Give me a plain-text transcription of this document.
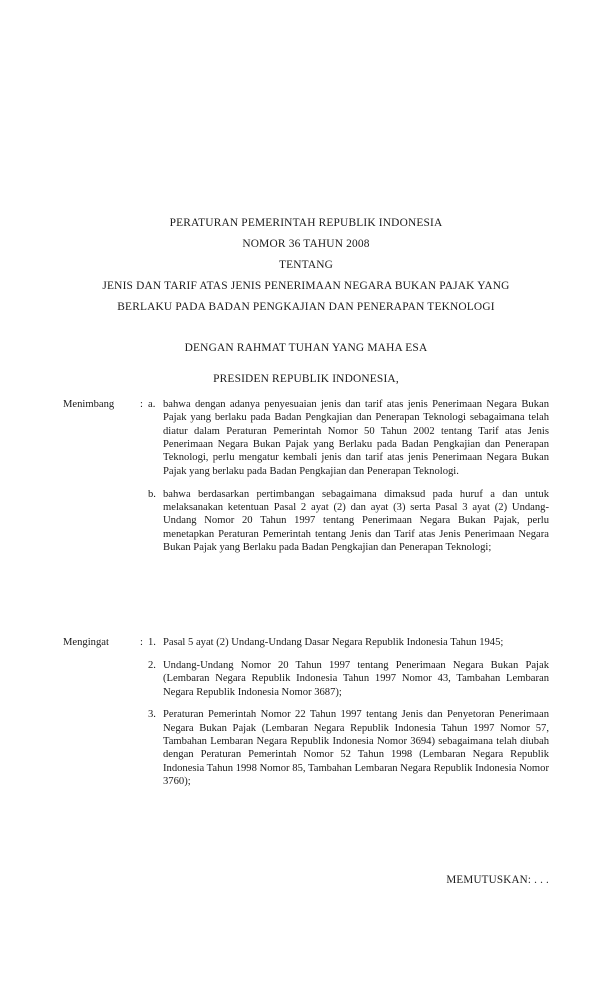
PERATURAN PEMERINTAH REPUBLIK INDONESIA
NOMOR 36 TAHUN 2008
TENTANG
JENIS DAN TARIF ATAS JENIS PENERIMAAN NEGARA BUKAN PAJAK YANG
BERLAKU PADA BADAN PENGKAJIAN DAN PENERAPAN TEKNOLOGI
DENGAN RAHMAT TUHAN YANG MAHA ESA
PRESIDEN REPUBLIK INDONESIA,
Menimbang	: a. bahwa dengan adanya penyesuaian jenis dan tarif atas jenis Penerimaan Negara Bukan Pajak yang berlaku pada Badan Pengkajian dan Penerapan Teknologi sebagaimana telah diatur dalam Peraturan Pemerintah Nomor 50 Tahun 2002 tentang Tarif atas Jenis Penerimaan Negara Bukan Pajak yang Berlaku pada Badan Pengkajian dan Penerapan Teknologi, perlu mengatur kembali jenis dan tarif atas jenis Penerimaan Negara Bukan Pajak yang berlaku pada Badan Pengkajian dan Penerapan Teknologi.
b. bahwa berdasarkan pertimbangan sebagaimana dimaksud pada huruf a dan untuk melaksanakan ketentuan Pasal 2 ayat (2) dan ayat (3) serta Pasal 3 ayat (2) Undang-Undang Nomor 20 Tahun 1997 tentang Penerimaan Negara Bukan Pajak, perlu menetapkan Peraturan Pemerintah tentang Jenis dan Tarif atas Jenis Penerimaan Negara Bukan Pajak yang Berlaku pada Badan Pengkajian dan Penerapan Teknologi;
Mengingat	: 1. Pasal 5 ayat (2) Undang-Undang Dasar Negara Republik Indonesia Tahun 1945;
2. Undang-Undang Nomor 20 Tahun 1997 tentang Penerimaan Negara Bukan Pajak (Lembaran Negara Republik Indonesia Tahun 1997 Nomor 43, Tambahan Lembaran Negara Republik Indonesia Nomor 3687);
3. Peraturan Pemerintah Nomor 22 Tahun 1997 tentang Jenis dan Penyetoran Penerimaan Negara Bukan Pajak (Lembaran Negara Republik Indonesia Tahun 1997 Nomor 57, Tambahan Lembaran Negara Republik Indonesia Nomor 3694) sebagaimana telah diubah dengan Peraturan Pemerintah Nomor 52 Tahun 1998 (Lembaran Negara Republik Indonesia Tahun 1998 Nomor 85, Tambahan Lembaran Negara Republik Indonesia Nomor 3760);
MEMUTUSKAN: . . .
